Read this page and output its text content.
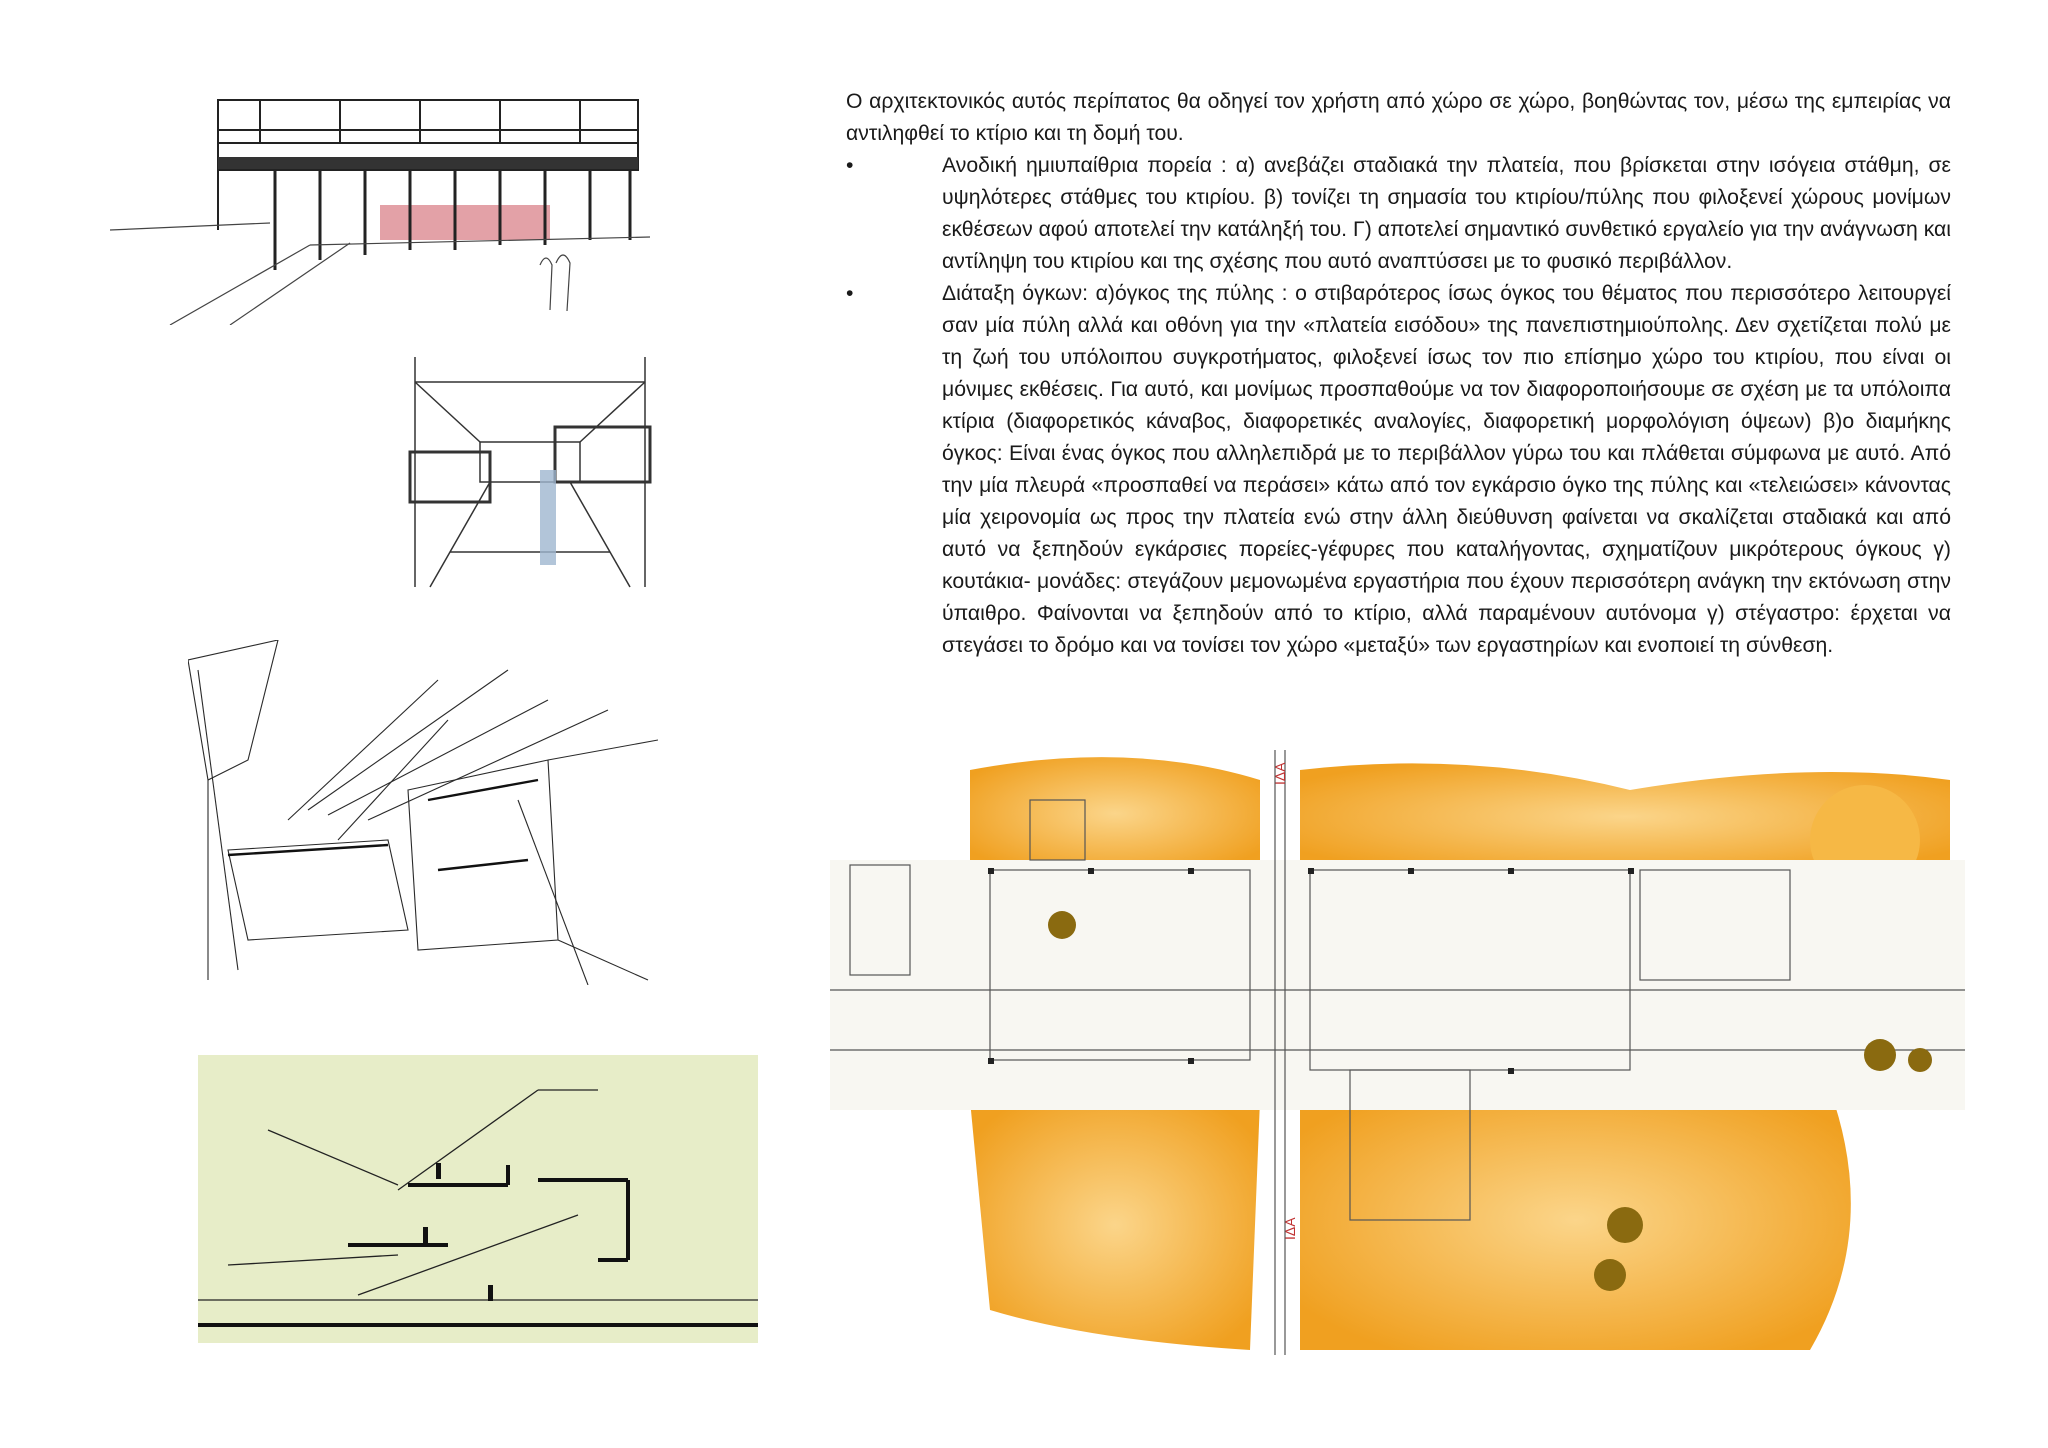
Ο αρχιτεκτονικός αυτός περίπατος θα οδηγεί τον χρήστη από χώρο σε χώρο, βοηθώντας τον, μέσω της εμπειρίας να αντιληφθεί το κτίριο και τη δομή του.

•	Ανοδική ημιυπαίθρια πορεία : α) ανεβάζει σταδιακά την πλατεία, που βρίσκεται στην ισόγεια στάθμη, σε υψηλότερες στάθμες του κτιρίου. β) τονίζει τη σημασία του κτιρίου/πύλης που φιλοξενεί χώρους μονίμων εκθέσεων αφού αποτελεί την κατάληξή του. Γ) αποτελεί σημαντικό συνθετικό εργαλείο για την ανάγνωση και αντίληψη του κτιρίου και της σχέσης που αυτό αναπτύσσει με το φυσικό περιβάλλον.

•	Διάταξη όγκων: α)όγκος της πύλης : ο στιβαρότερος ίσως όγκος του θέματος που περισσότερο λειτουργεί σαν μία πύλη αλλά και οθόνη για την «πλατεία εισόδου» της πανεπιστημιούπολης. Δεν σχετίζεται πολύ με τη ζωή του υπόλοιπου συγκροτήματος, φιλοξενεί ίσως τον πιο επίσημο χώρο του κτιρίου, που είναι οι μόνιμες εκθέσεις. Για αυτό, και μονίμως προσπαθούμε να τον διαφοροποιήσουμε σε σχέση με τα υπόλοιπα κτίρια (διαφορετικός κάναβος, διαφορετικές αναλογίες, διαφορετική μορφολόγιση όψεων) β)ο διαμήκης όγκος: Είναι ένας όγκος που αλληλεπιδρά με το περιβάλλον γύρω του και πλάθεται σύμφωνα με αυτό. Από την μία πλευρά «προσπαθεί να περάσει» κάτω από τον εγκάρσιο όγκο της πύλης και «τελειώσει» κάνοντας μία χειρονομία ως προς την πλατεία ενώ στην άλλη διεύθυνση φαίνεται να σκαλίζεται σταδιακά και από αυτό να ξεπηδούν εγκάρσιες πορείες-γέφυρες που καταλήγοντας, σχηματίζουν μικρότερους όγκους γ) κουτάκια- μονάδες: στεγάζουν μεμονωμένα εργαστήρια που έχουν περισσότερη ανάγκη την εκτόνωση στην ύπαιθρο. Φαίνονται να ξεπηδούν από το κτίριο, αλλά παραμένουν αυτόνομα γ) στέγαστρο: έρχεται να στεγάσει το δρόμο και να τονίσει τον χώρο «μεταξύ» των εργαστηρίων και ενοποιεί τη σύνθεση.

ΙΔΑ
ΙΔΑ
